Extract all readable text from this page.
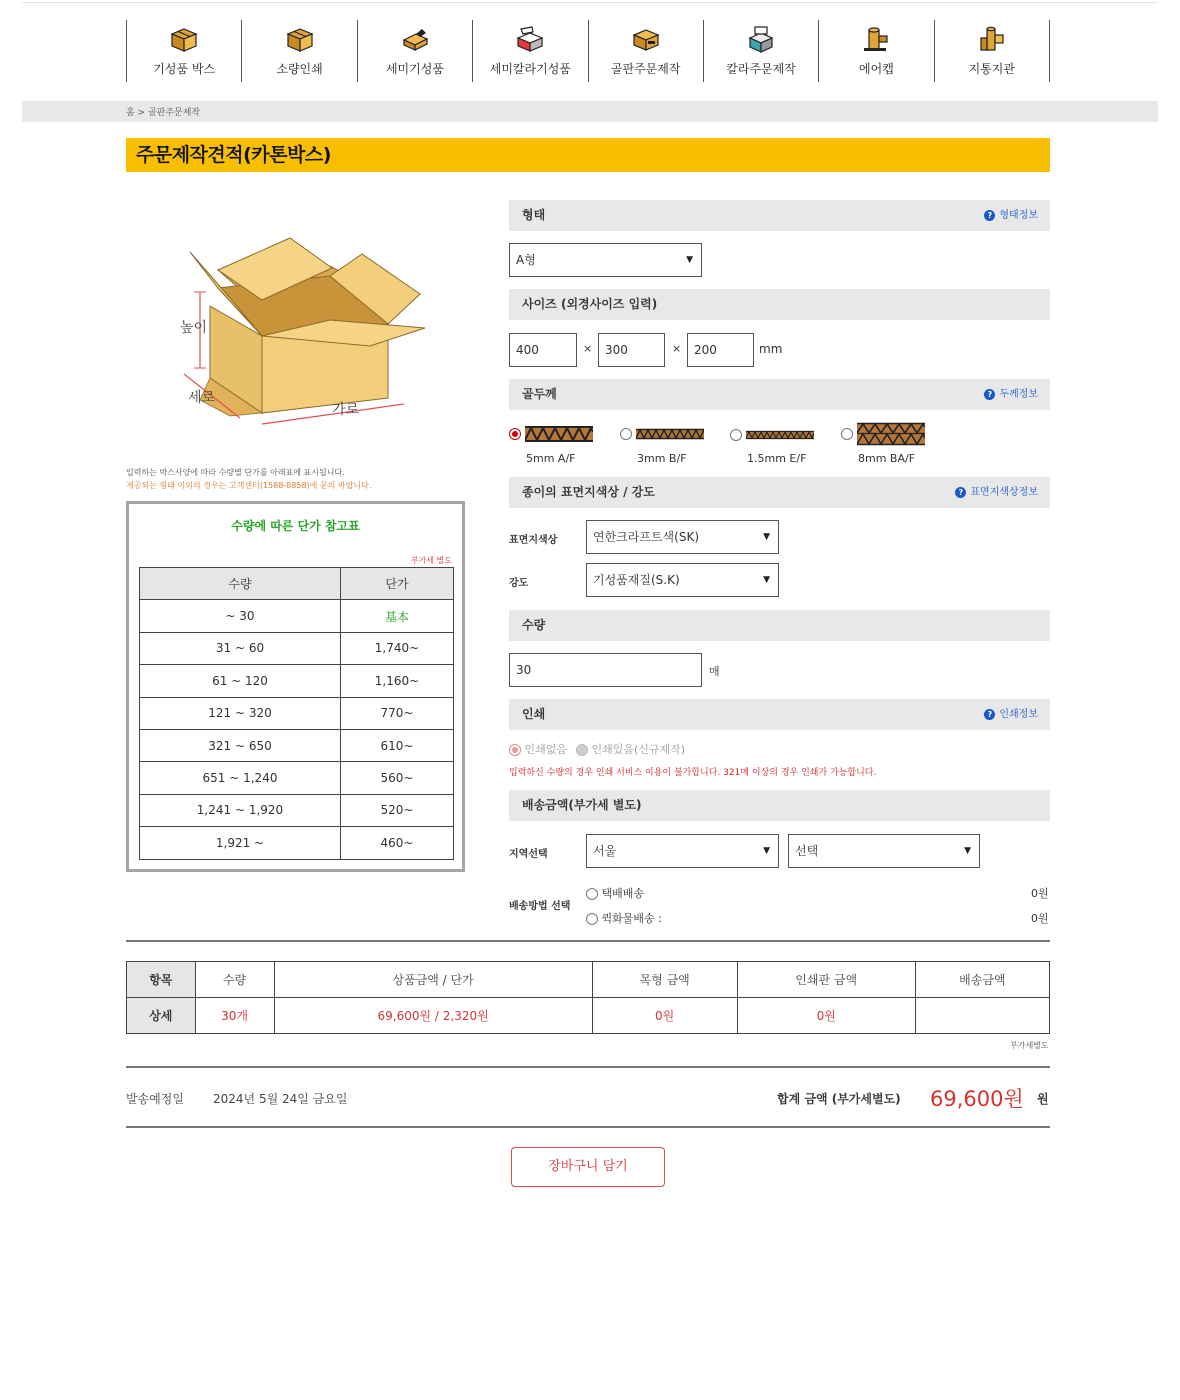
기성품 박스	소량인쇄	세미기성품	세미칼라기성품	골판주문제작	칼라주문제작	에어캡	지통지관
홈 > 골판주문제작
주문제작견적(카톤박스)
높이
세로
가로
입력하는 박스사양에 따라 수량별 단가를 아래표에 표시됩니다.
제공되는 형태 이외의 경우는 고객센터(1588-8858)에 문의 바랍니다.
수량에 따른 단가 참고표
부가세 별도
수량	단가
~ 30	基本
31 ~ 60	1,740~
61 ~ 120	1,160~
121 ~ 320	770~
321 ~ 650	610~
651 ~ 1,240	560~
1,241 ~ 1,920	520~
1,921 ~	460~
형태	? 형태정보
A형	▼
사이즈 (외경사이즈 입력)
400	×	300	×	200	mm
골두께	? 두께정보
5mm A/F	3mm B/F	1.5mm E/F	8mm BA/F
종이의 표면지색상 / 강도	? 표면지색상정보
표면지색상	연한크라프트색(SK)	▼
강도	기성품재질(S.K)	▼
수량
30	매
인쇄	? 인쇄정보
인쇄없음	인쇄있음(신규제작)
입력하신 수량의 경우 인쇄 서비스 이용이 불가합니다. 321매 이상의 경우 인쇄가 가능합니다.
배송금액(부가세 별도)
지역선택	서울	▼	선택	▼
배송방법 선택
택배배송	0원
퀵화물배송 :	0원
항목	수량	상품금액 / 단가	목형 금액	인쇄판 금액	배송금액
상세	30개	69,600원 / 2,320원	0원	0원	
부가세별도
발송예정일 2024년 5월 24일 금요일	합계 금액 (부가세별도) 69,600원 원
장바구니 담기
